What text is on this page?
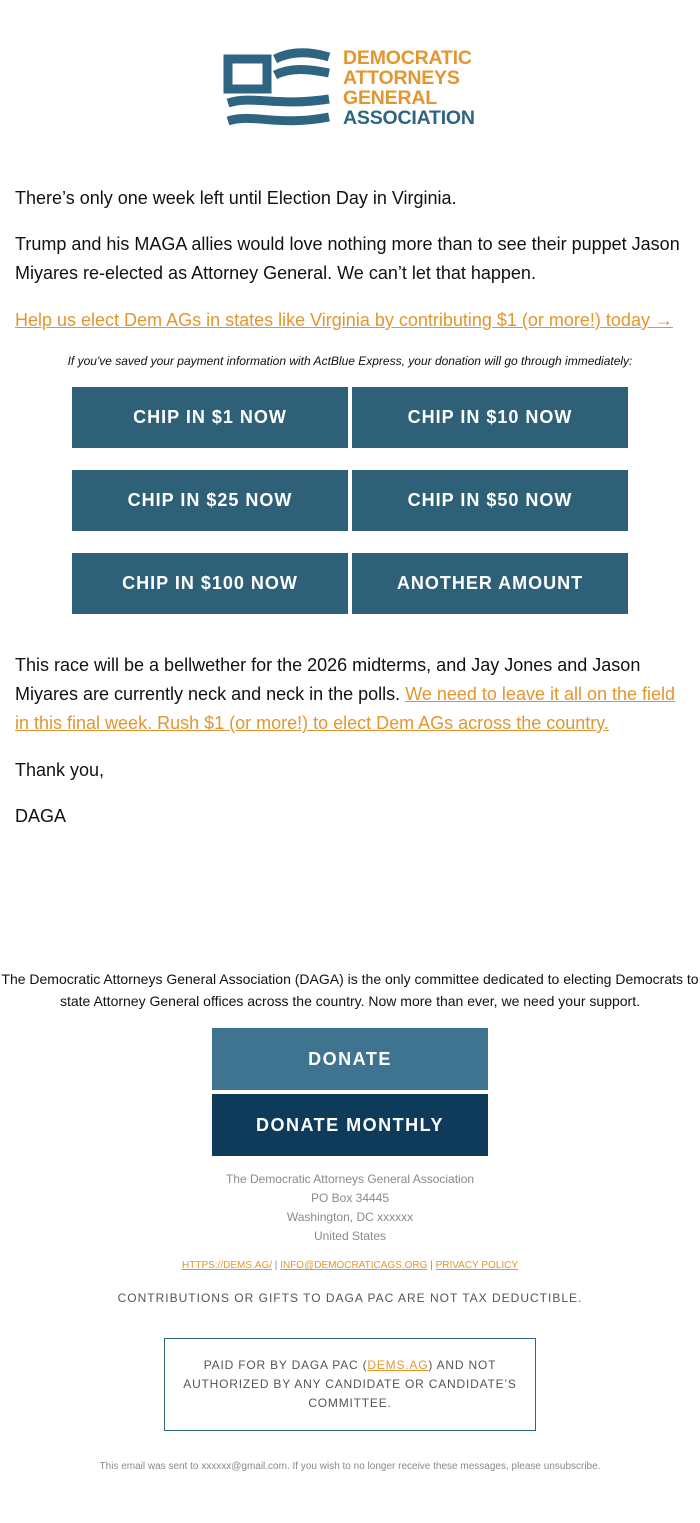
DEMOCRATIC
ATTORNEYS
GENERAL
ASSOCIATION

There’s only one week left until Election Day in Virginia.

Trump and his MAGA allies would love nothing more than to see their puppet Jason Miyares re-elected as Attorney General. We can’t let that happen.

Help us elect Dem AGs in states like Virginia by contributing $1 (or more!) today →

If you've saved your payment information with ActBlue Express, your donation will go through immediately:
CHIP IN $1 NOW	CHIP IN $10 NOW
CHIP IN $25 NOW	CHIP IN $50 NOW
CHIP IN $100 NOW	ANOTHER AMOUNT

This race will be a bellwether for the 2026 midterms, and Jay Jones and Jason Miyares are currently neck and neck in the polls. We need to leave it all on the field in this final week. Rush $1 (or more!) to elect Dem AGs across the country.

Thank you,

DAGA

The Democratic Attorneys General Association (DAGA) is the only committee dedicated to electing Democrats to state Attorney General offices across the country. Now more than ever, we need your support.
DONATE
DONATE MONTHLY
The Democratic Attorneys General Association
PO Box 34445
Washington, DC xxxxxx
United States
HTTPS://DEMS.AG/ | INFO@DEMOCRATICAGS.ORG | PRIVACY POLICY
CONTRIBUTIONS OR GIFTS TO DAGA PAC ARE NOT TAX DEDUCTIBLE.
PAID FOR BY DAGA PAC (DEMS.AG) AND NOT AUTHORIZED BY ANY CANDIDATE OR CANDIDATE’S COMMITTEE.
This email was sent to xxxxxx@gmail.com. If you wish to no longer receive these messages, please unsubscribe.
